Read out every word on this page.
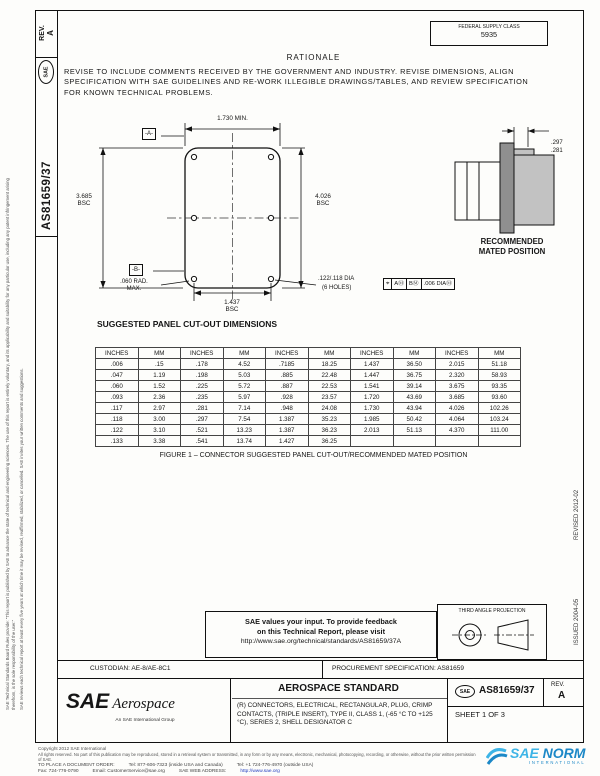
SAE Technical Standards Board Rules provide: “This report is published by SAE to advance the state of technical and engineering sciences. The use of this report is entirely voluntary, and its applicability and suitability for any particular use, including any patent infringement arising therefrom, is the sole responsibility of the user.” SAE reviews each technical report at least every five years at which time it may be revised, reaffirmed, stabilized, or cancelled. SAE invites your written comments and suggestions.
REV. A
SAE
AS81659/37
FEDERAL SUPPLY CLASS
5935
RATIONALE
REVISE TO INCLUDE COMMENTS RECEIVED BY THE GOVERNMENT AND INDUSTRY. REVISE DIMENSIONS, ALIGN SPECIFICATION WITH SAE GUIDELINES AND RE-WORK ILLEGIBLE DRAWINGS/TABLES, AND REVIEW SPECIFICATION FOR KNOWN TECHNICAL PROBLEMS.
-A-
-B-
1.730 MIN.
3.685
BSC
4.026
BSC
1.437
BSC
.060 RAD.
MAX.
.122/.118 DIA
(6 HOLES)
⌖ AⓂ BⓂ .006 DIAⓂ
.297
.281
RECOMMENDED
MATED POSITION
SUGGESTED PANEL CUT-OUT DIMENSIONS
INCHES	MM	INCHES	MM	INCHES	MM	INCHES	MM	INCHES	MM
.006	.15	.178	4.52	.7185	18.25	1.437	36.50	2.015	51.18
.047	1.19	.198	5.03	.885	22.48	1.447	36.75	2.320	58.93
.060	1.52	.225	5.72	.887	22.53	1.541	39.14	3.675	93.35
.093	2.36	.235	5.97	.928	23.57	1.720	43.69	3.685	93.60
.117	2.97	.281	7.14	.948	24.08	1.730	43.94	4.026	102.26
.118	3.00	.297	7.54	1.387	35.23	1.985	50.42	4.064	103.24
.122	3.10	.521	13.23	1.387	36.23	2.013	51.13	4.370	111.00
.133	3.38	.541	13.74	1.427	36.25				
FIGURE 1 – CONNECTOR SUGGESTED PANEL CUT-OUT/RECOMMENDED MATED POSITION
REVISED 2012-02
ISSUED 2004-05
SAE values your input. To provide feedback
on this Technical Report, please visit
http://www.sae.org/technical/standards/AS81659/37A
THIRD ANGLE PROJECTION
CUSTODIAN: AE-8/AE-8C1	PROCUREMENT SPECIFICATION: AS81659
SAE Aerospace
An SAE International Group
AEROSPACE STANDARD
(R) CONNECTORS, ELECTRICAL, RECTANGULAR, PLUG, CRIMP CONTACTS, (TRIPLE INSERT), TYPE II, CLASS 1, (-65 °C TO +125 °C), SERIES 2, SHELL DESIGNATOR C
SAE AS81659/37	REV.
A
SHEET 1 OF 3
Copyright 2012 SAE International
All rights reserved. No part of this publication may be reproduced, stored in a retrieval system or transmitted, in any form or by any means, electronic, mechanical, photocopying, recording, or otherwise, without the prior written permission of SAE.
TO PLACE A DOCUMENT ORDER:	Tel: 877-606-7323 (inside USA and Canada)	Tel: +1 724-776-4970 (outside USA)
Fax: 724-776-0790	Email: CustomerService@sae.org	SAE WEB ADDRESS:	http://www.sae.org
SAE NORM
INTERNATIONAL
